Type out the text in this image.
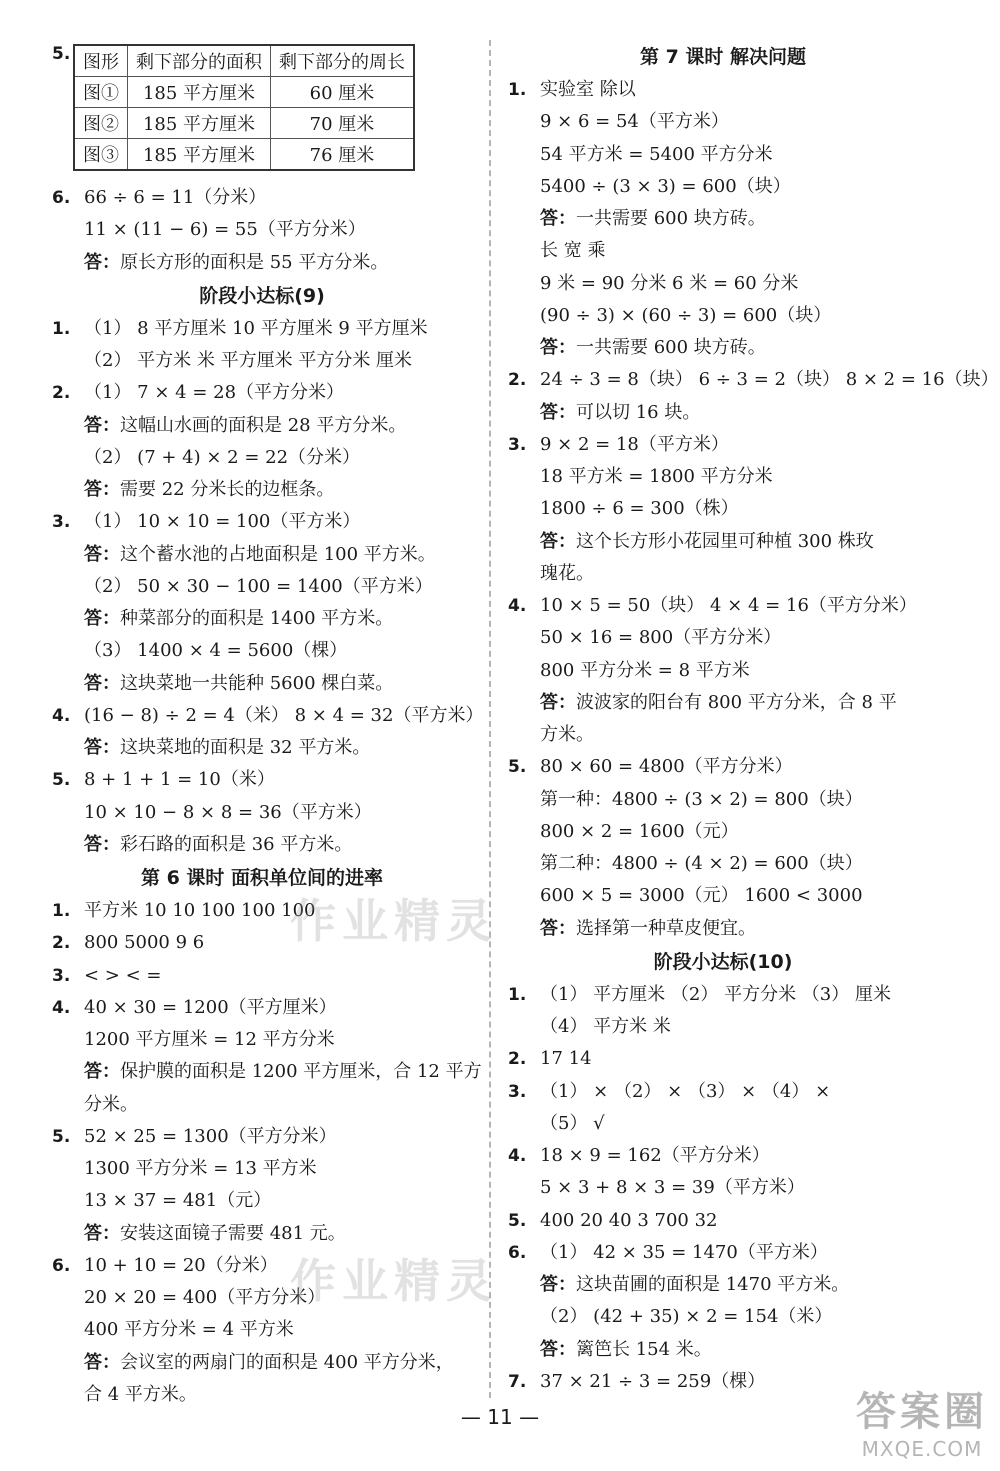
5. 图形	剩下部分的面积	剩下部分的周长
图①	185 平方厘米	60 厘米
图②	185 平方厘米	70 厘米
图③	185 平方厘米	76 厘米
6. 66 ÷ 6 = 11（分米）
11 × (11 − 6) = 55（平方分米）
答：原长方形的面积是 55 平方分米。
阶段小达标(9)
1. （1） 8 平方厘米 10 平方厘米 9 平方厘米
（2） 平方米 米 平方厘米 平方分米 厘米
2. （1） 7 × 4 = 28（平方分米）
答：这幅山水画的面积是 28 平方分米。
（2） (7 + 4) × 2 = 22（分米）
答：需要 22 分米长的边框条。
3. （1） 10 × 10 = 100（平方米）
答：这个蓄水池的占地面积是 100 平方米。
（2） 50 × 30 − 100 = 1400（平方米）
答：种菜部分的面积是 1400 平方米。
（3） 1400 × 4 = 5600（棵）
答：这块菜地一共能种 5600 棵白菜。
4. (16 − 8) ÷ 2 = 4（米） 8 × 4 = 32（平方米）
答：这块菜地的面积是 32 平方米。
5. 8 + 1 + 1 = 10（米）
10 × 10 − 8 × 8 = 36（平方米）
答：彩石路的面积是 36 平方米。
第 6 课时 面积单位间的进率
1. 平方米 10 10 100 100 100
2. 800 5000 9 6
3. < > < =
4. 40 × 30 = 1200（平方厘米）
1200 平方厘米 = 12 平方分米
答：保护膜的面积是 1200 平方厘米，合 12 平方
分米。
5. 52 × 25 = 1300（平方分米）
1300 平方分米 = 13 平方米
13 × 37 = 481（元）
答：安装这面镜子需要 481 元。
6. 10 + 10 = 20（分米）
20 × 20 = 400（平方分米）
400 平方分米 = 4 平方米
答：会议室的两扇门的面积是 400 平方分米，
合 4 平方米。
第 7 课时 解决问题
1. 实验室 除以
9 × 6 = 54（平方米）
54 平方米 = 5400 平方分米
5400 ÷ (3 × 3) = 600（块）
答：一共需要 600 块方砖。
长 宽 乘
9 米 = 90 分米 6 米 = 60 分米
(90 ÷ 3) × (60 ÷ 3) = 600（块）
答：一共需要 600 块方砖。
2. 24 ÷ 3 = 8（块） 6 ÷ 3 = 2（块） 8 × 2 = 16（块）
答：可以切 16 块。
3. 9 × 2 = 18（平方米）
18 平方米 = 1800 平方分米
1800 ÷ 6 = 300（株）
答：这个长方形小花园里可种植 300 株玫
瑰花。
4. 10 × 5 = 50（块） 4 × 4 = 16（平方分米）
50 × 16 = 800（平方分米）
800 平方分米 = 8 平方米
答：波波家的阳台有 800 平方分米，合 8 平
方米。
5. 80 × 60 = 4800（平方分米）
第一种：4800 ÷ (3 × 2) = 800（块）
800 × 2 = 1600（元）
第二种：4800 ÷ (4 × 2) = 600（块）
600 × 5 = 3000（元） 1600 < 3000
答：选择第一种草皮便宜。
阶段小达标(10)
1. （1） 平方厘米 （2） 平方分米 （3） 厘米
（4） 平方米 米
2. 17 14
3. （1） × （2） × （3） × （4） ×
（5） √
4. 18 × 9 = 162（平方分米）
5 × 3 + 8 × 3 = 39（平方米）
5. 400 20 40 3 700 32
6. （1） 42 × 35 = 1470（平方米）
答：这块苗圃的面积是 1470 平方米。
（2） (42 + 35) × 2 = 154（米）
答：篱笆长 154 米。
7. 37 × 21 ÷ 3 = 259（棵）
作业精灵
作业精灵
— 11 —	答案圈
MXQE.COM
